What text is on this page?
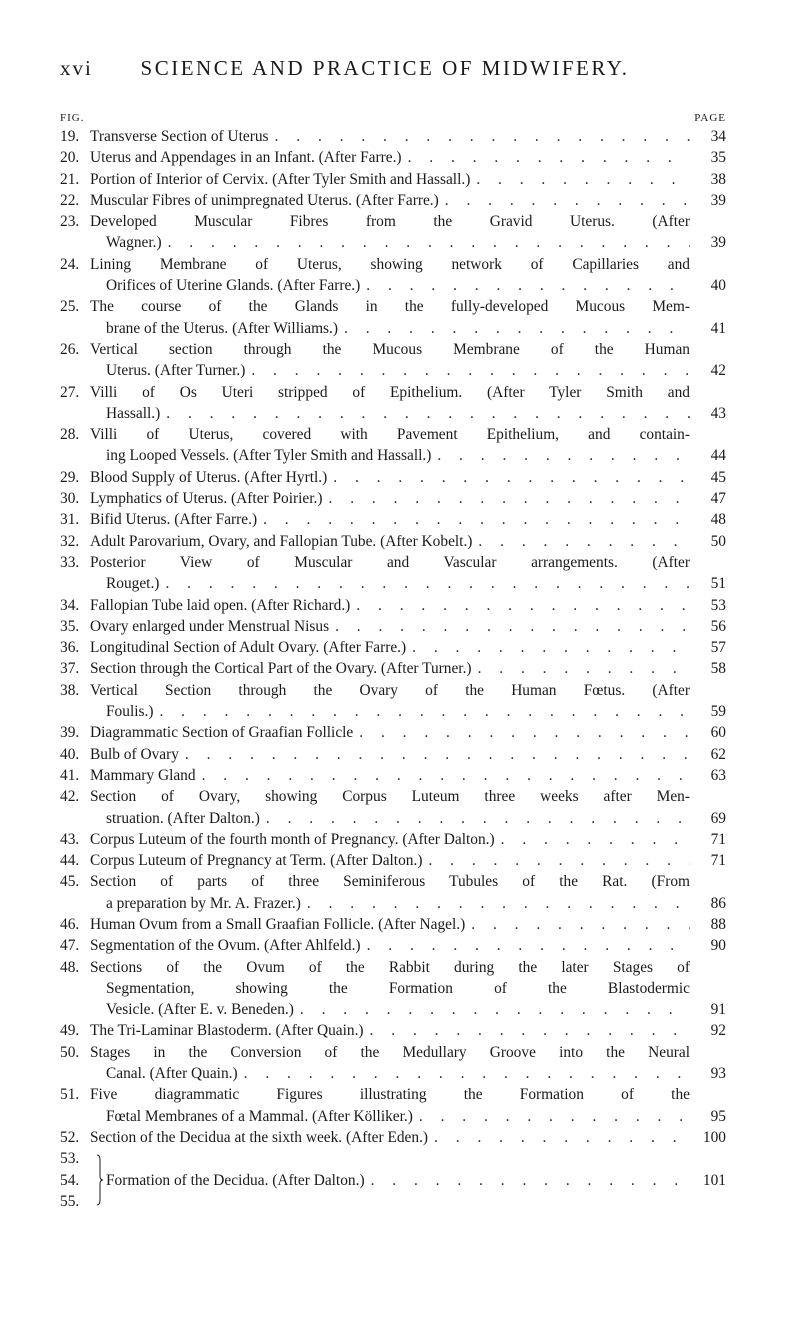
xvi	SCIENCE AND PRACTICE OF MIDWIFERY.
FIG.	PAGE
19. Transverse Section of Uterus . . .	34
20. Uterus and Appendages in an Infant. (After Farre.) . . .	35
21. Portion of Interior of Cervix. (After Tyler Smith and Hassall.) . . .	38
22. Muscular Fibres of unimpregnated Uterus. (After Farre.) . . .	39
23. Developed Muscular Fibres from the Gravid Uterus. (After
Wagner.) . . .	39
24. Lining Membrane of Uterus, showing network of Capillaries and
Orifices of Uterine Glands. (After Farre.) . . .	40
25. The course of the Glands in the fully-developed Mucous Mem-
brane of the Uterus. (After Williams.) . . .	41
26. Vertical section through the Mucous Membrane of the Human
Uterus. (After Turner.) . . .	42
27. Villi of Os Uteri stripped of Epithelium. (After Tyler Smith and
Hassall.) . . .	43
28. Villi of Uterus, covered with Pavement Epithelium, and contain-
ing Looped Vessels. (After Tyler Smith and Hassall.) . . .	44
29. Blood Supply of Uterus. (After Hyrtl.) . . .	45
30. Lymphatics of Uterus. (After Poirier.) . . .	47
31. Bifid Uterus. (After Farre.) . . .	48
32. Adult Parovarium, Ovary, and Fallopian Tube. (After Kobelt.) . . .	50
33. Posterior View of Muscular and Vascular arrangements. (After
Rouget.) . . .	51
34. Fallopian Tube laid open. (After Richard.) . . .	53
35. Ovary enlarged under Menstrual Nisus . . .	56
36. Longitudinal Section of Adult Ovary. (After Farre.) . . .	57
37. Section through the Cortical Part of the Ovary. (After Turner.) . . .	58
38. Vertical Section through the Ovary of the Human Fœtus. (After
Foulis.) . . .	59
39. Diagrammatic Section of Graafian Follicle . . .	60
40. Bulb of Ovary . . .	62
41. Mammary Gland . . .	63
42. Section of Ovary, showing Corpus Luteum three weeks after Men-
struation. (After Dalton.) . . .	69
43. Corpus Luteum of the fourth month of Pregnancy. (After Dalton.) . . .	71
44. Corpus Luteum of Pregnancy at Term. (After Dalton.) . . .	71
45. Section of parts of three Seminiferous Tubules of the Rat. (From
a preparation by Mr. A. Frazer.) . . .	86
46. Human Ovum from a Small Graafian Follicle. (After Nagel.) . . .	88
47. Segmentation of the Ovum. (After Ahlfeld.) . . .	90
48. Sections of the Ovum of the Rabbit during the later Stages of
Segmentation, showing the Formation of the Blastodermic
Vesicle. (After E. v. Beneden.) . . .	91
49. The Tri-Laminar Blastoderm. (After Quain.) . . .	92
50. Stages in the Conversion of the Medullary Groove into the Neural
Canal. (After Quain.) . . .	93
51. Five diagrammatic Figures illustrating the Formation of the
Fœtal Membranes of a Mammal. (After Kölliker.) . . .	95
52. Section of the Decidua at the sixth week. (After Eden.) . . .	100
53.
54.
55.
Formation of the Decidua. (After Dalton.) . . .	101
